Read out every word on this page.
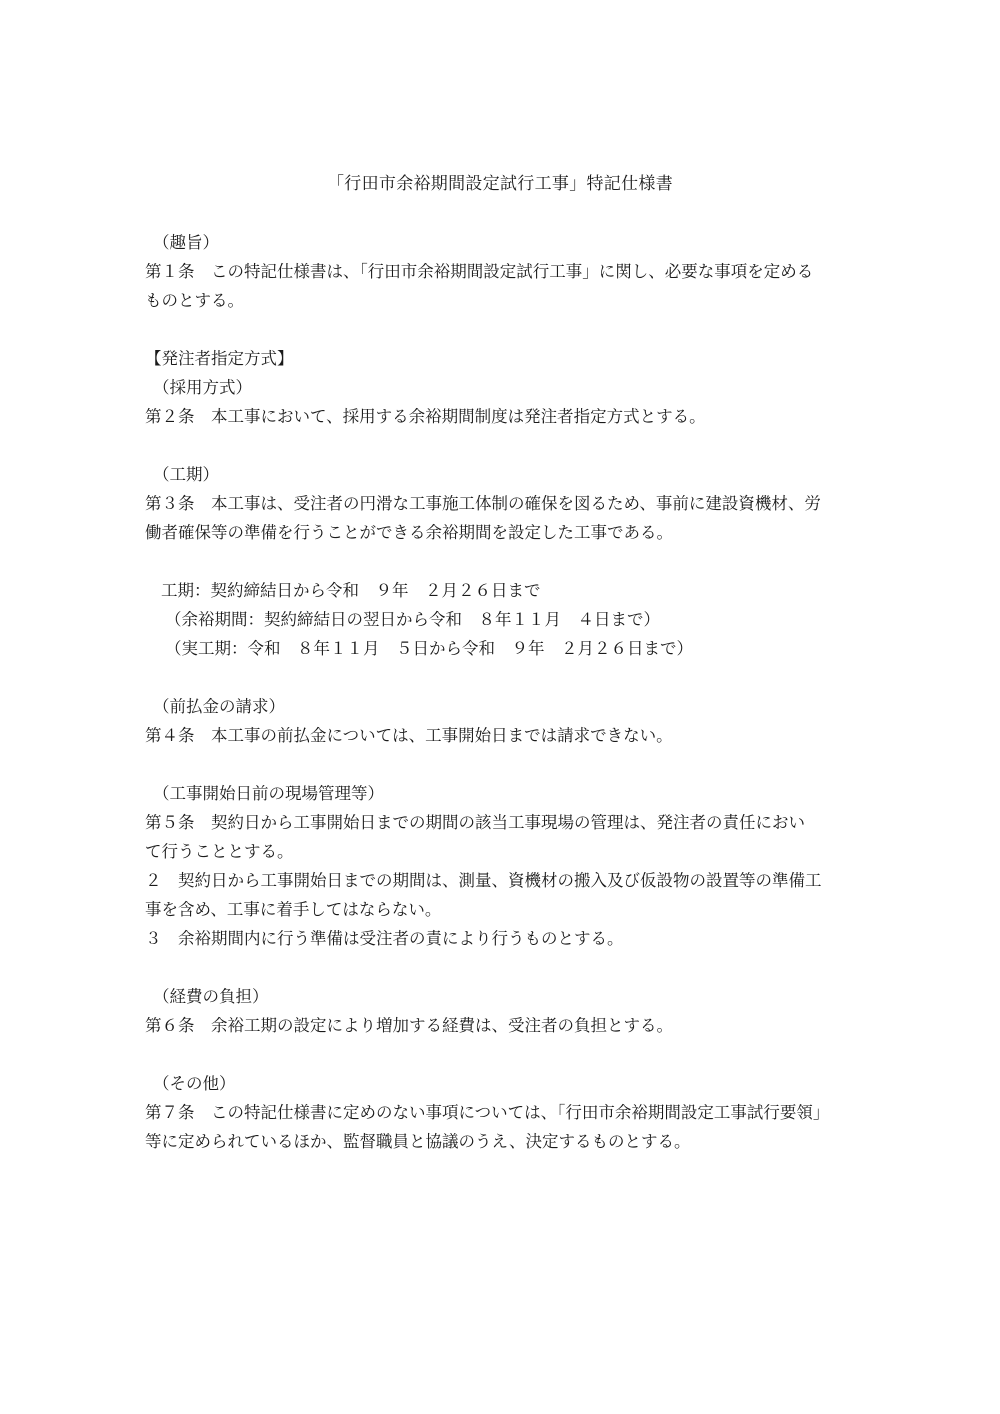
「行田市余裕期間設定試行工事」特記仕様書
（趣旨）
第１条　この特記仕様書は、「行田市余裕期間設定試行工事」に関し、必要な事項を定める
ものとする。
【発注者指定方式】
（採用方式）
第２条　本工事において、採用する余裕期間制度は発注者指定方式とする。
（工期）
第３条　本工事は、受注者の円滑な工事施工体制の確保を図るため、事前に建設資機材、労
働者確保等の準備を行うことができる余裕期間を設定した工事である。
工期：契約締結日から令和　９年　２月２６日まで
（余裕期間：契約締結日の翌日から令和　８年１１月　４日まで）
（実工期：令和　８年１１月　５日から令和　９年　２月２６日まで）
（前払金の請求）
第４条　本工事の前払金については、工事開始日までは請求できない。
（工事開始日前の現場管理等）
第５条　契約日から工事開始日までの期間の該当工事現場の管理は、発注者の責任におい
て行うこととする。
２　契約日から工事開始日までの期間は、測量、資機材の搬入及び仮設物の設置等の準備工
事を含め、工事に着手してはならない。
３　余裕期間内に行う準備は受注者の責により行うものとする。
（経費の負担）
第６条　余裕工期の設定により増加する経費は、受注者の負担とする。
（その他）
第７条　この特記仕様書に定めのない事項については、「行田市余裕期間設定工事試行要領」
等に定められているほか、監督職員と協議のうえ、決定するものとする。
